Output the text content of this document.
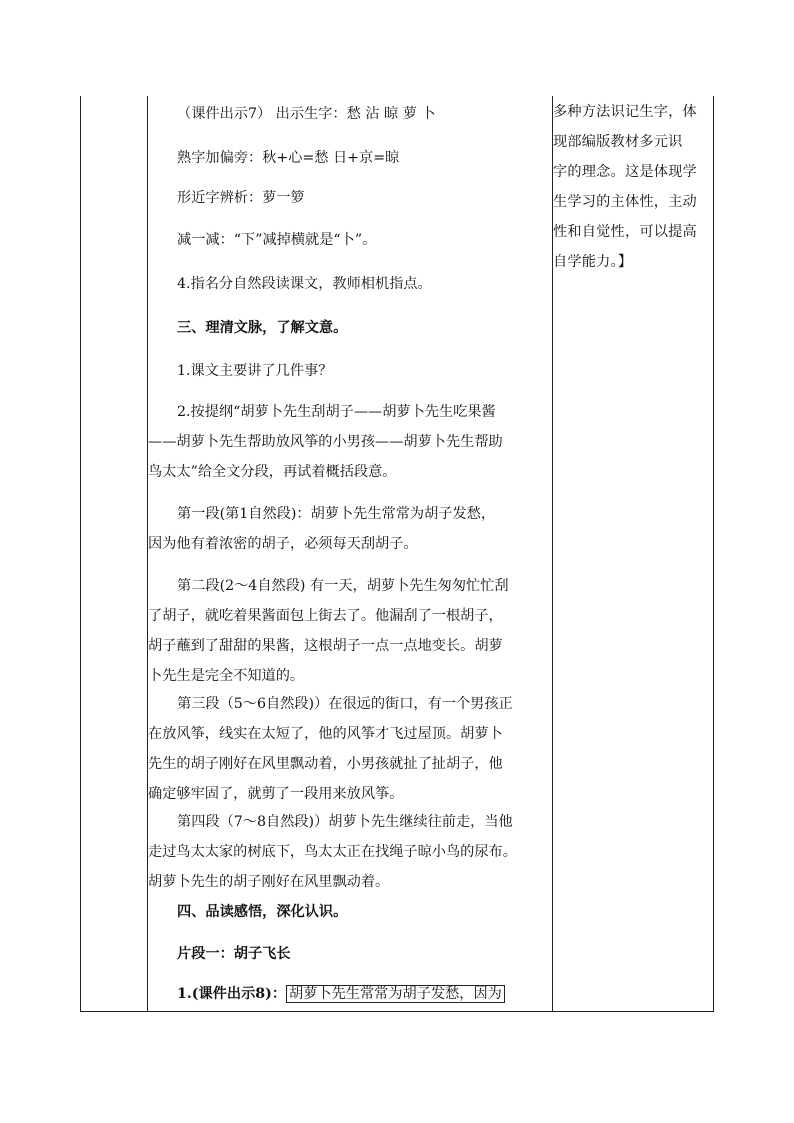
1.(课件出示8)： 胡萝卜先生常常为胡子发愁，因为
（课件出示7） 出示生字：愁 沾 晾 萝 卜
熟字加偏旁：秋+心=愁 日+京=晾
形近字辨析：萝一箩
减一减：“下”减掉横就是“卜”。
4.指名分自然段读课文，教师相机指点。
三、理清文脉，了解文意。
1.课文主要讲了几件事？
2.按提纲“胡萝卜先生刮胡子——胡萝卜先生吃果酱
——胡萝卜先生帮助放风筝的小男孩——胡萝卜先生帮助
鸟太太”给全文分段，再试着概括段意。
第一段(第1自然段)：胡萝卜先生常常为胡子发愁，
因为他有着浓密的胡子，必须每天刮胡子。
第二段(2～4自然段) 有一天，胡萝卜先生匆匆忙忙刮
了胡子，就吃着果酱面包上街去了。他漏刮了一根胡子，
胡子蘸到了甜甜的果酱，这根胡子一点一点地变长。胡萝
卜先生是完全不知道的。
第三段（5～6自然段)）在很远的街口，有一个男孩正
在放风筝，线实在太短了，他的风筝才飞过屋顶。胡萝卜
先生的胡子刚好在风里飘动着，小男孩就扯了扯胡子，他
确定够牢固了，就剪了一段用来放风筝。
第四段（7～8自然段)）胡萝卜先生继续往前走，当他
走过鸟太太家的树底下，鸟太太正在找绳子晾小鸟的尿布。
胡萝卜先生的胡子刚好在风里飘动着。
四、品读感悟，深化认识。
片段一：胡子飞长
多种方法识记生字，体
现部编版教材多元识
字的理念。这是体现学
生学习的主体性，主动
性和自觉性，可以提高
自学能力。】
